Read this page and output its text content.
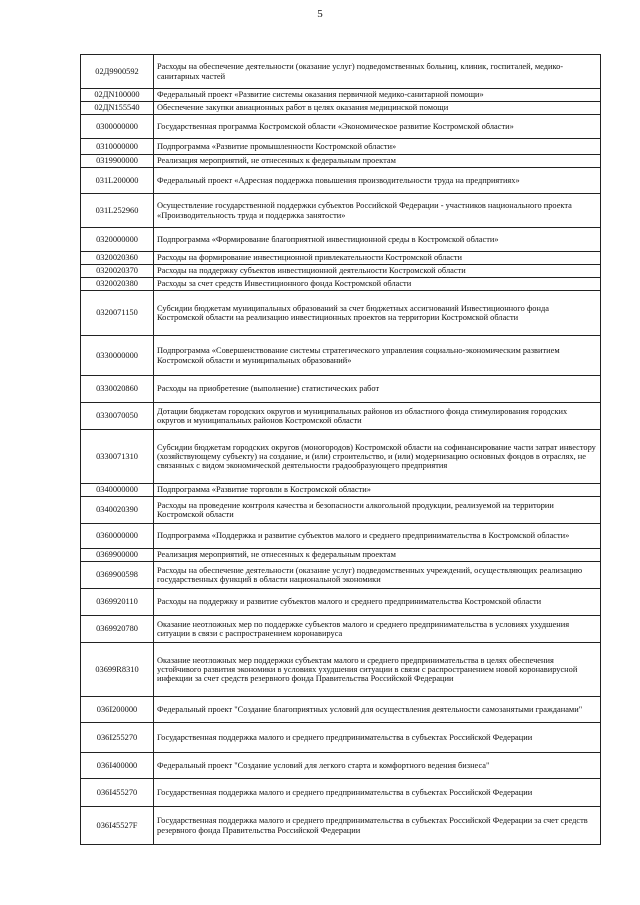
5
02Д9900592	Расходы на обеспечение деятельности (оказание услуг) подведомственных больниц, клиник, госпиталей, медико-санитарных частей
02ДN100000	Федеральный проект «Развитие системы оказания первичной медико-санитарной помощи»
02ДN155540	Обеспечение закупки авиационных работ в целях оказания медицинской помощи
0300000000	Государственная программа Костромской области «Экономическое развитие Костромской области»
0310000000	Подпрограмма «Развитие промышленности Костромской области»
0319900000	Реализация мероприятий, не отнесенных к федеральным проектам
031L200000	Федеральный проект «Адресная поддержка повышения производительности труда на предприятиях»
031L252960	Осуществление государственной поддержки субъектов Российской Федерации - участников национального проекта «Производительность труда и поддержка занятости»
0320000000	Подпрограмма «Формирование благоприятной инвестиционной среды в Костромской области»
0320020360	Расходы на формирование инвестиционной привлекательности Костромской области
0320020370	Расходы на поддержку субъектов инвестиционной деятельности Костромской области
0320020380	Расходы за счет средств Инвестиционного фонда Костромской области
0320071150	Субсидии бюджетам муниципальных образований за счет бюджетных ассигнований Инвестиционного фонда Костромской области на реализацию инвестиционных проектов на территории Костромской области
0330000000	Подпрограмма «Совершенствование системы стратегического управления социально-экономическим развитием Костромской области и муниципальных образований»
0330020860	Расходы на приобретение (выполнение) статистических работ
0330070050	Дотации бюджетам городских округов и муниципальных районов из областного фонда стимулирования городских округов и муниципальных районов Костромской области
0330071310	Субсидии бюджетам городских округов (моногородов) Костромской области на софинансирование части затрат инвестору (хозяйствующему субъекту) на создание, и (или) строительство, и (или) модернизацию основных фондов в отраслях, не связанных с видом экономической деятельности градообразующего предприятия
0340000000	Подпрограмма «Развитие торговли в Костромской области»
0340020390	Расходы на проведение контроля качества и безопасности алкогольной продукции, реализуемой на территории Костромской области
0360000000	Подпрограмма «Поддержка и развитие субъектов малого и среднего предпринимательства в Костромской области»
0369900000	Реализация мероприятий, не отнесенных к федеральным проектам
0369900598	Расходы на обеспечение деятельности (оказание услуг) подведомственных учреждений, осуществляющих реализацию государственных функций в области национальной экономики
0369920110	Расходы на поддержку и развитие субъектов малого и среднего предпринимательства Костромской области
0369920780	Оказание неотложных мер по поддержке субъектов малого и среднего предпринимательства в условиях ухудшения ситуации в связи с распространением коронавируса
03699R8310	Оказание неотложных мер поддержки субъектам малого и среднего предпринимательства в целях обеспечения устойчивого развития экономики в условиях ухудшения ситуации в связи с распространением новой коронавирусной инфекции за счет средств резервного фонда Правительства Российской Федерации
036I200000	Федеральный проект "Создание благоприятных условий для осуществления деятельности самозанятыми гражданами"
036I255270	Государственная поддержка малого и среднего предпринимательства в субъектах Российской Федерации
036I400000	Федеральный проект "Создание условий для легкого старта и комфортного ведения бизнеса"
036I455270	Государственная поддержка малого и среднего предпринимательства в субъектах Российской Федерации
036I45527F	Государственная поддержка малого и среднего предпринимательства в субъектах Российской Федерации за счет средств резервного фонда Правительства Российской Федерации
